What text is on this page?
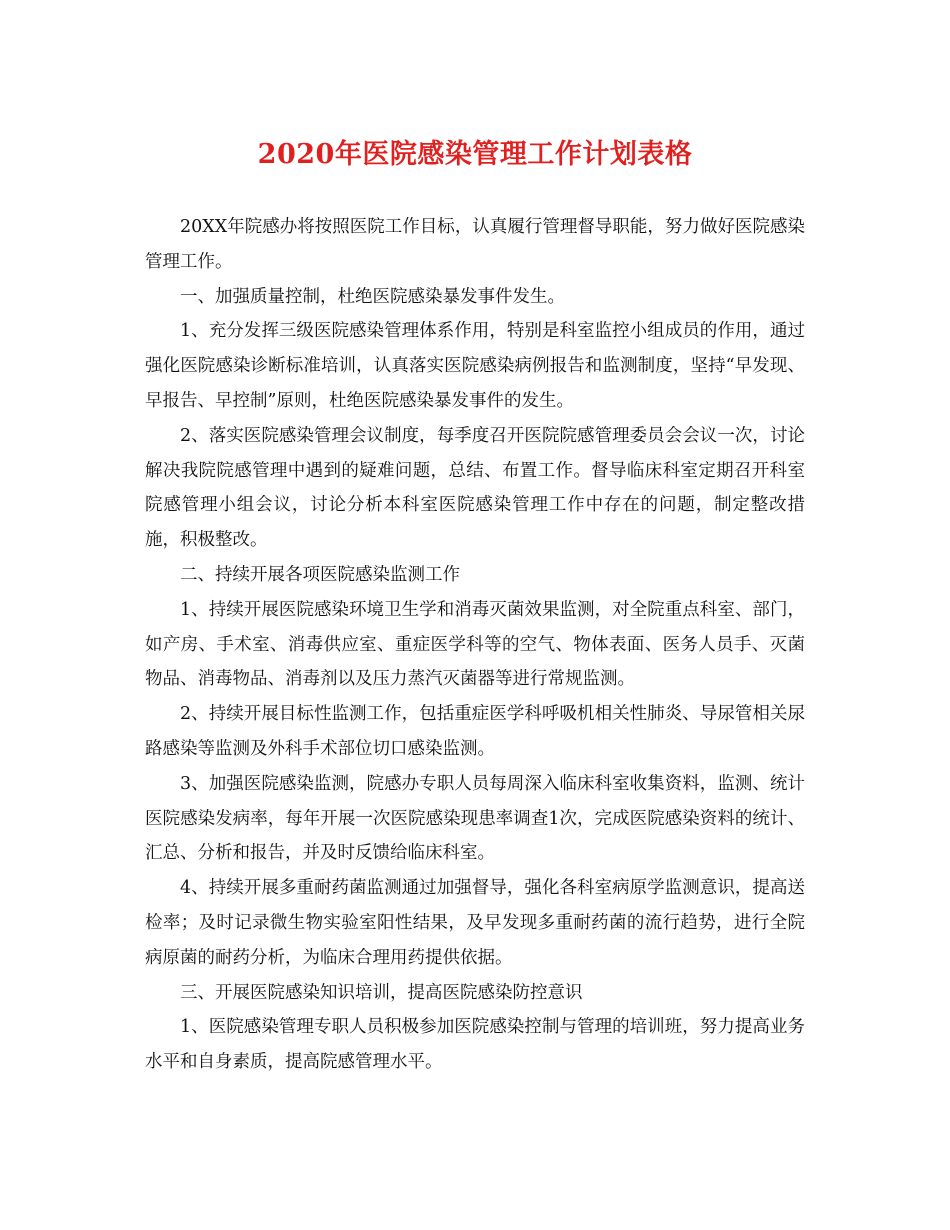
2020年医院感染管理工作计划表格

20XX年院感办将按照医院工作目标，认真履行管理督导职能，努力做好医院感染管理工作。

一、加强质量控制，杜绝医院感染暴发事件发生。

1、充分发挥三级医院感染管理体系作用，特别是科室监控小组成员的作用，通过强化医院感染诊断标准培训，认真落实医院感染病例报告和监测制度，坚持“早发现、早报告、早控制”原则，杜绝医院感染暴发事件的发生。

2、落实医院感染管理会议制度，每季度召开医院院感管理委员会会议一次，讨论解决我院院感管理中遇到的疑难问题，总结、布置工作。督导临床科室定期召开科室院感管理小组会议，讨论分析本科室医院感染管理工作中存在的问题，制定整改措施，积极整改。

二、持续开展各项医院感染监测工作

1、持续开展医院感染环境卫生学和消毒灭菌效果监测，对全院重点科室、部门，如产房、手术室、消毒供应室、重症医学科等的空气、物体表面、医务人员手、灭菌物品、消毒物品、消毒剂以及压力蒸汽灭菌器等进行常规监测。

2、持续开展目标性监测工作，包括重症医学科呼吸机相关性肺炎、导尿管相关尿路感染等监测及外科手术部位切口感染监测。

3、加强医院感染监测，院感办专职人员每周深入临床科室收集资料，监测、统计医院感染发病率，每年开展一次医院感染现患率调查1次，完成医院感染资料的统计、汇总、分析和报告，并及时反馈给临床科室。

4、持续开展多重耐药菌监测通过加强督导，强化各科室病原学监测意识，提高送检率；及时记录微生物实验室阳性结果，及早发现多重耐药菌的流行趋势，进行全院病原菌的耐药分析，为临床合理用药提供依据。

三、开展医院感染知识培训，提高医院感染防控意识

1、医院感染管理专职人员积极参加医院感染控制与管理的培训班，努力提高业务水平和自身素质，提高院感管理水平。
